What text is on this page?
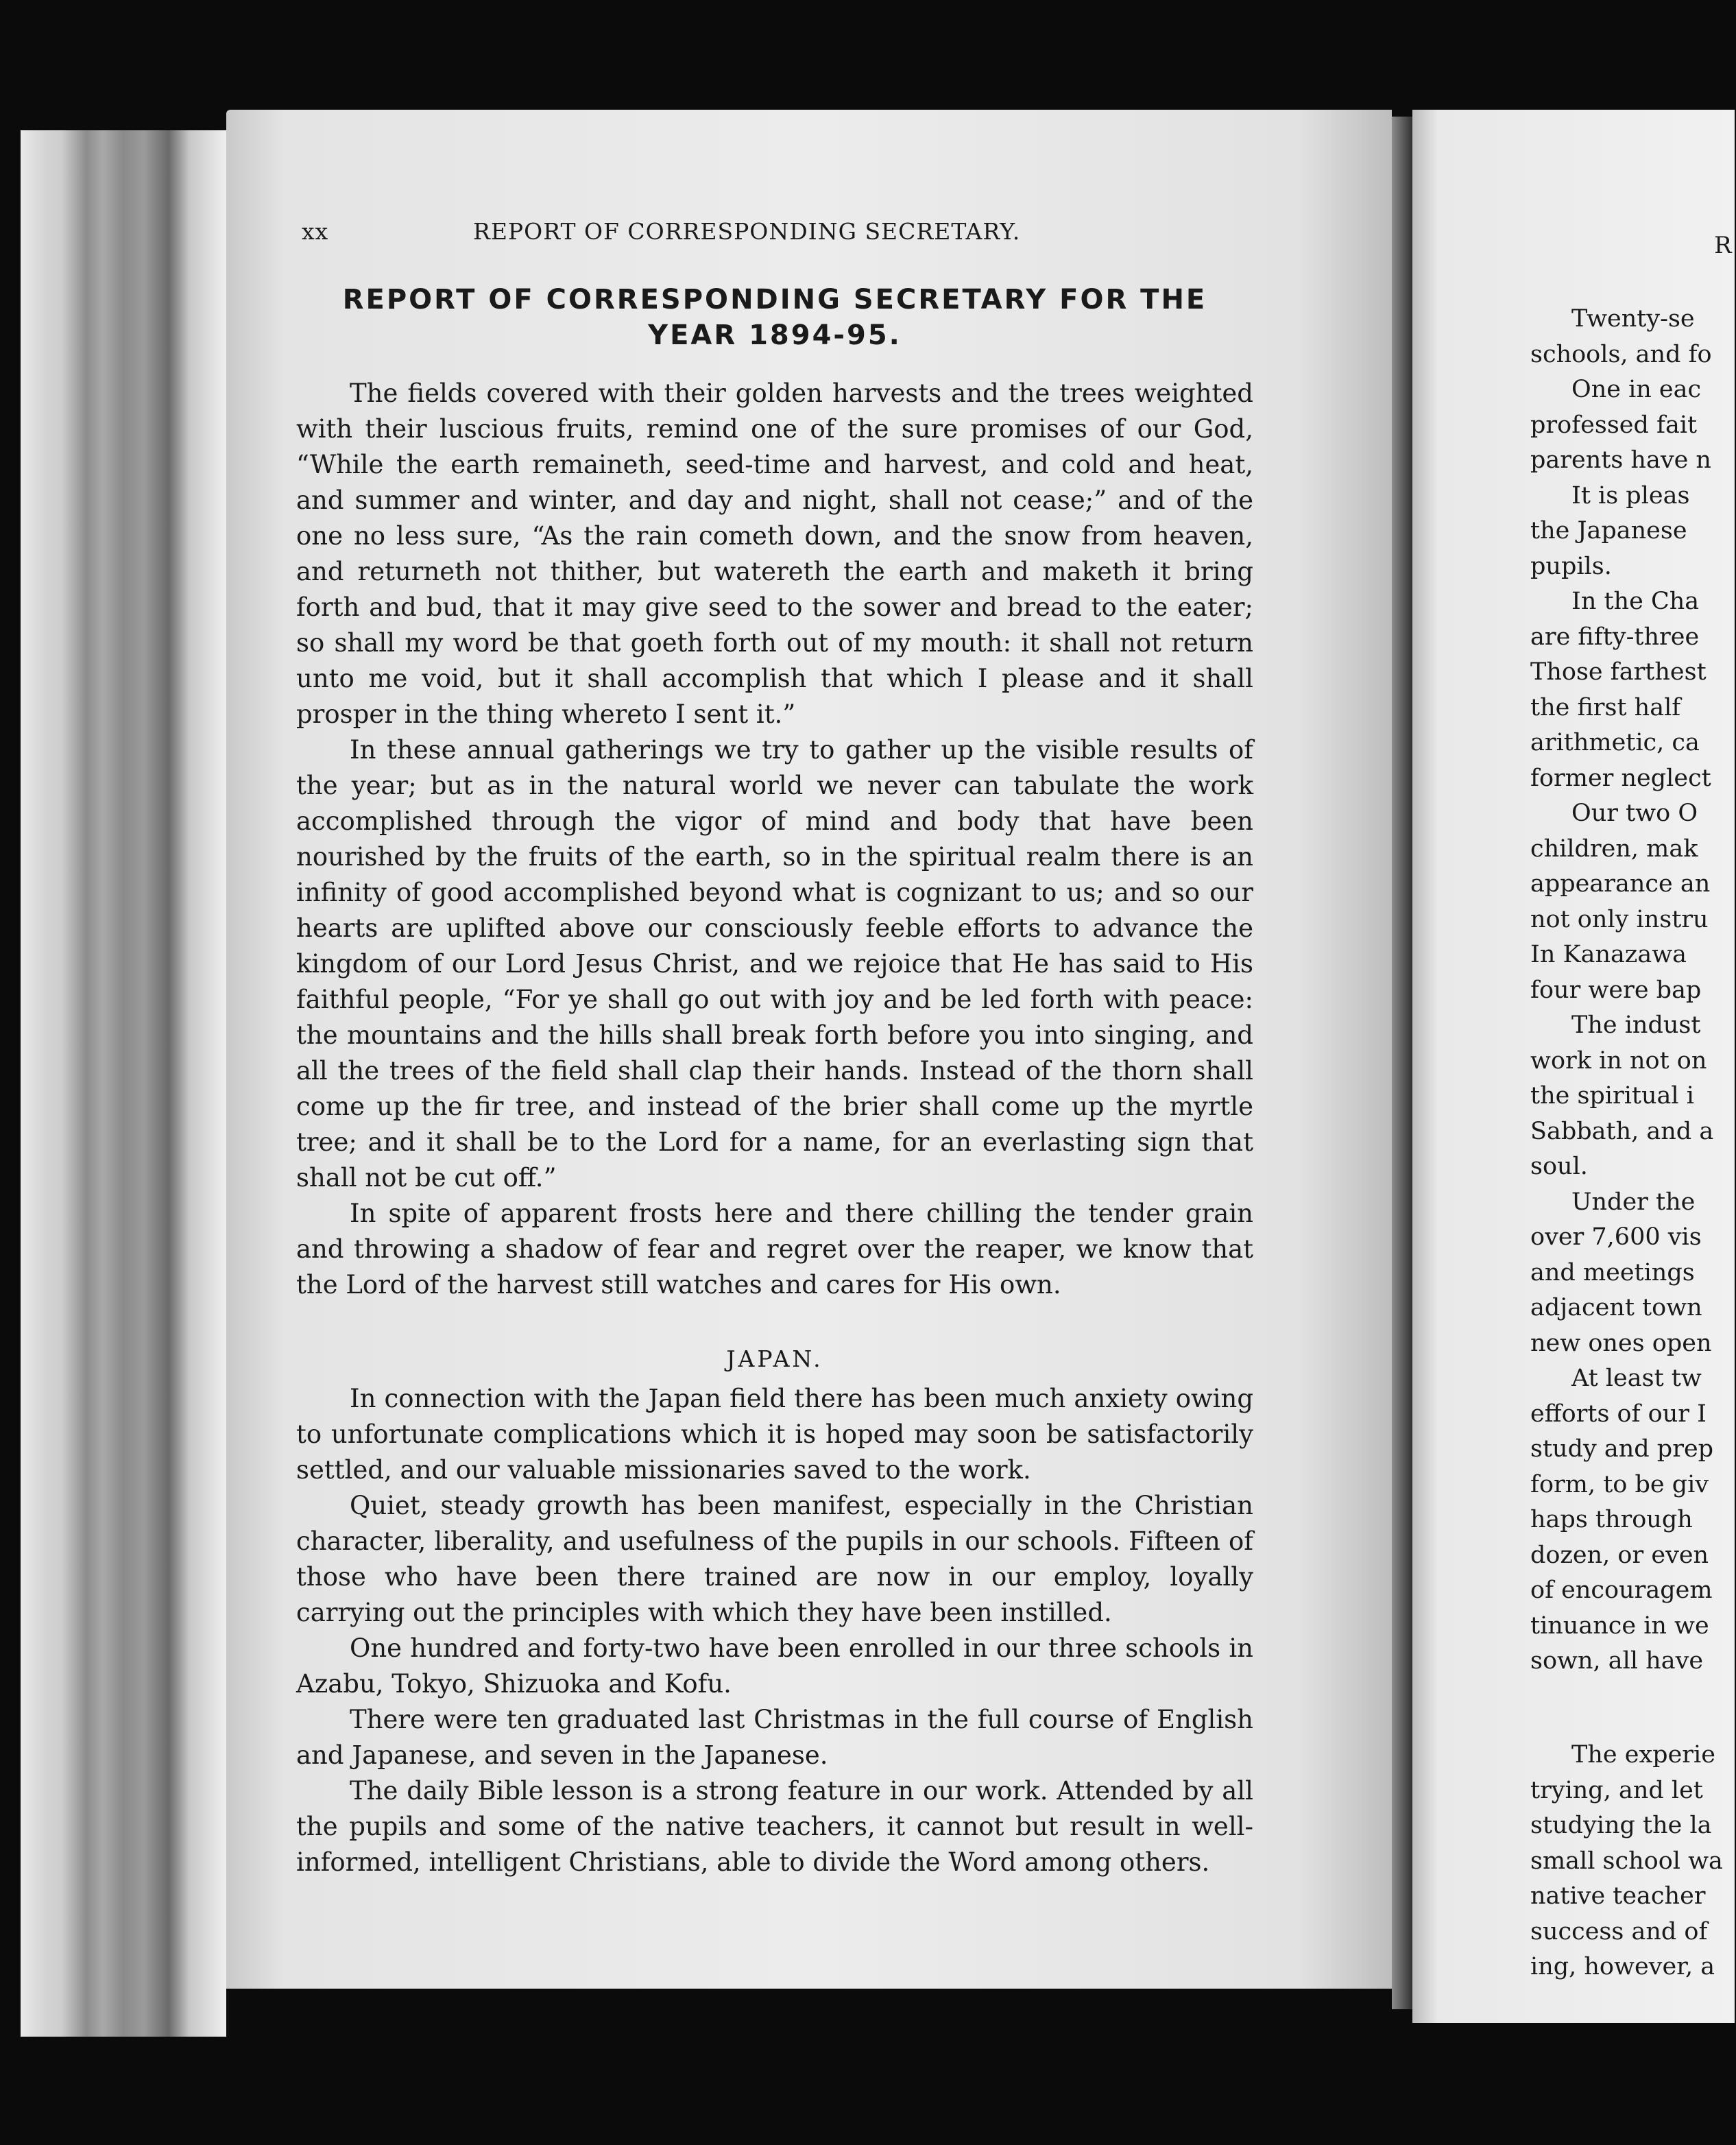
xx	REPORT OF CORRESPONDING SECRETARY.
R
REPORT OF CORRESPONDING SECRETARY FOR THE
YEAR 1894-95.

The fields covered with their golden harvests and the trees weighted with their luscious fruits, remind one of the sure promises of our God, “While the earth remaineth, seed-time and harvest, and cold and heat, and summer and winter, and day and night, shall not cease;” and of the one no less sure, “As the rain cometh down, and the snow from heaven, and returneth not thither, but watereth the earth and maketh it bring forth and bud, that it may give seed to the sower and bread to the eater; so shall my word be that goeth forth out of my mouth: it shall not return unto me void, but it shall accomplish that which I please and it shall prosper in the thing whereto I sent it.”

In these annual gatherings we try to gather up the visible results of the year; but as in the natural world we never can tabulate the work accomplished through the vigor of mind and body that have been nourished by the fruits of the earth, so in the spiritual realm there is an infinity of good accomplished beyond what is cognizant to us; and so our hearts are uplifted above our consciously feeble efforts to advance the kingdom of our Lord Jesus Christ, and we rejoice that He has said to His faithful people, “For ye shall go out with joy and be led forth with peace: the mountains and the hills shall break forth before you into singing, and all the trees of the field shall clap their hands. Instead of the thorn shall come up the fir tree, and instead of the brier shall come up the myrtle tree; and it shall be to the Lord for a name, for an everlasting sign that shall not be cut off.”

In spite of apparent frosts here and there chilling the tender grain and throwing a shadow of fear and regret over the reaper, we know that the Lord of the harvest still watches and cares for His own.

JAPAN.

In connection with the Japan field there has been much anxiety owing to unfortunate complications which it is hoped may soon be satisfactorily settled, and our valuable missionaries saved to the work.

Quiet, steady growth has been manifest, especially in the Christian character, liberality, and usefulness of the pupils in our schools. Fifteen of those who have been there trained are now in our employ, loyally carrying out the principles with which they have been instilled.

One hundred and forty-two have been enrolled in our three schools in Azabu, Tokyo, Shizuoka and Kofu.

There were ten graduated last Christmas in the full course of English and Japanese, and seven in the Japanese.

The daily Bible lesson is a strong feature in our work. Attended by all the pupils and some of the native teachers, it cannot but result in well-informed, intelligent Christians, able to divide the Word among others.

Twenty-se
schools, and fo
One in eac
professed fait
parents have n
It is pleas
the Japanese
pupils.
In the Cha
are fifty-three
Those farthest
the first half
arithmetic, ca
former neglect
Our two O
children, mak
appearance an
not only instru
In Kanazawa
four were bap
The indust
work in not on
the spiritual i
Sabbath, and a
soul.
Under the
over 7,600 vis
and meetings
adjacent town
new ones open
At least tw
efforts of our I
study and prep
form, to be giv
haps through
dozen, or even
of encouragem
tinuance in we
sown, all have
The experie
trying, and let
studying the la
small school wa
native teacher
success and of
ing, however, a
